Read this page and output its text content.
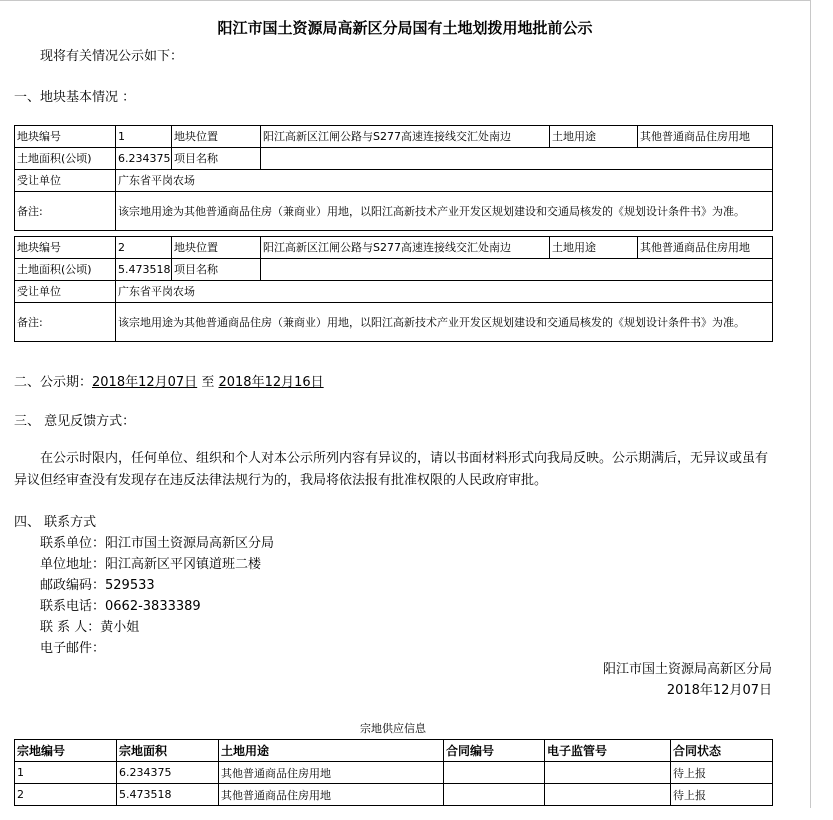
阳江市国土资源局高新区分局国有土地划拨用地批前公示
现将有关情况公示如下：
一、地块基本情况 ：
地块编号	1	地块位置	阳江高新区江闸公路与S277高速连接线交汇处南边	土地用途	其他普通商品住房用地
土地面积(公顷)	6.234375	项目名称			
受让单位	广东省平岗农场				
备注:	该宗地用途为其他普通商品住房（兼商业）用地，以阳江高新技术产业开发区规划建设和交通局核发的《规划设计条件书》为准。				
地块编号	2	地块位置	阳江高新区江闸公路与S277高速连接线交汇处南边	土地用途	其他普通商品住房用地
土地面积(公顷)	5.473518	项目名称			
受让单位	广东省平岗农场				
备注:	该宗地用途为其他普通商品住房（兼商业）用地，以阳江高新技术产业开发区规划建设和交通局核发的《规划设计条件书》为准。				
二、公示期：2018年12月07日 至 2018年12月16日
三、 意见反馈方式：
在公示时限内，任何单位、组织和个人对本公示所列内容有异议的，请以书面材料形式向我局反映。公示期满后，无异议或虽有异议但经审查没有发现存在违反法律法规行为的，我局将依法报有批准权限的人民政府审批。
四、 联系方式
联系单位：阳江市国土资源局高新区分局
单位地址：阳江高新区平冈镇道班二楼
邮政编码：529533
联系电话：0662-3833389
联 系 人：黄小姐
电子邮件：
阳江市国土资源局高新区分局
2018年12月07日
宗地供应信息
宗地编号	宗地面积	土地用途	合同编号	电子监管号	合同状态
1	6.234375	其他普通商品住房用地			待上报
2	5.473518	其他普通商品住房用地			待上报
